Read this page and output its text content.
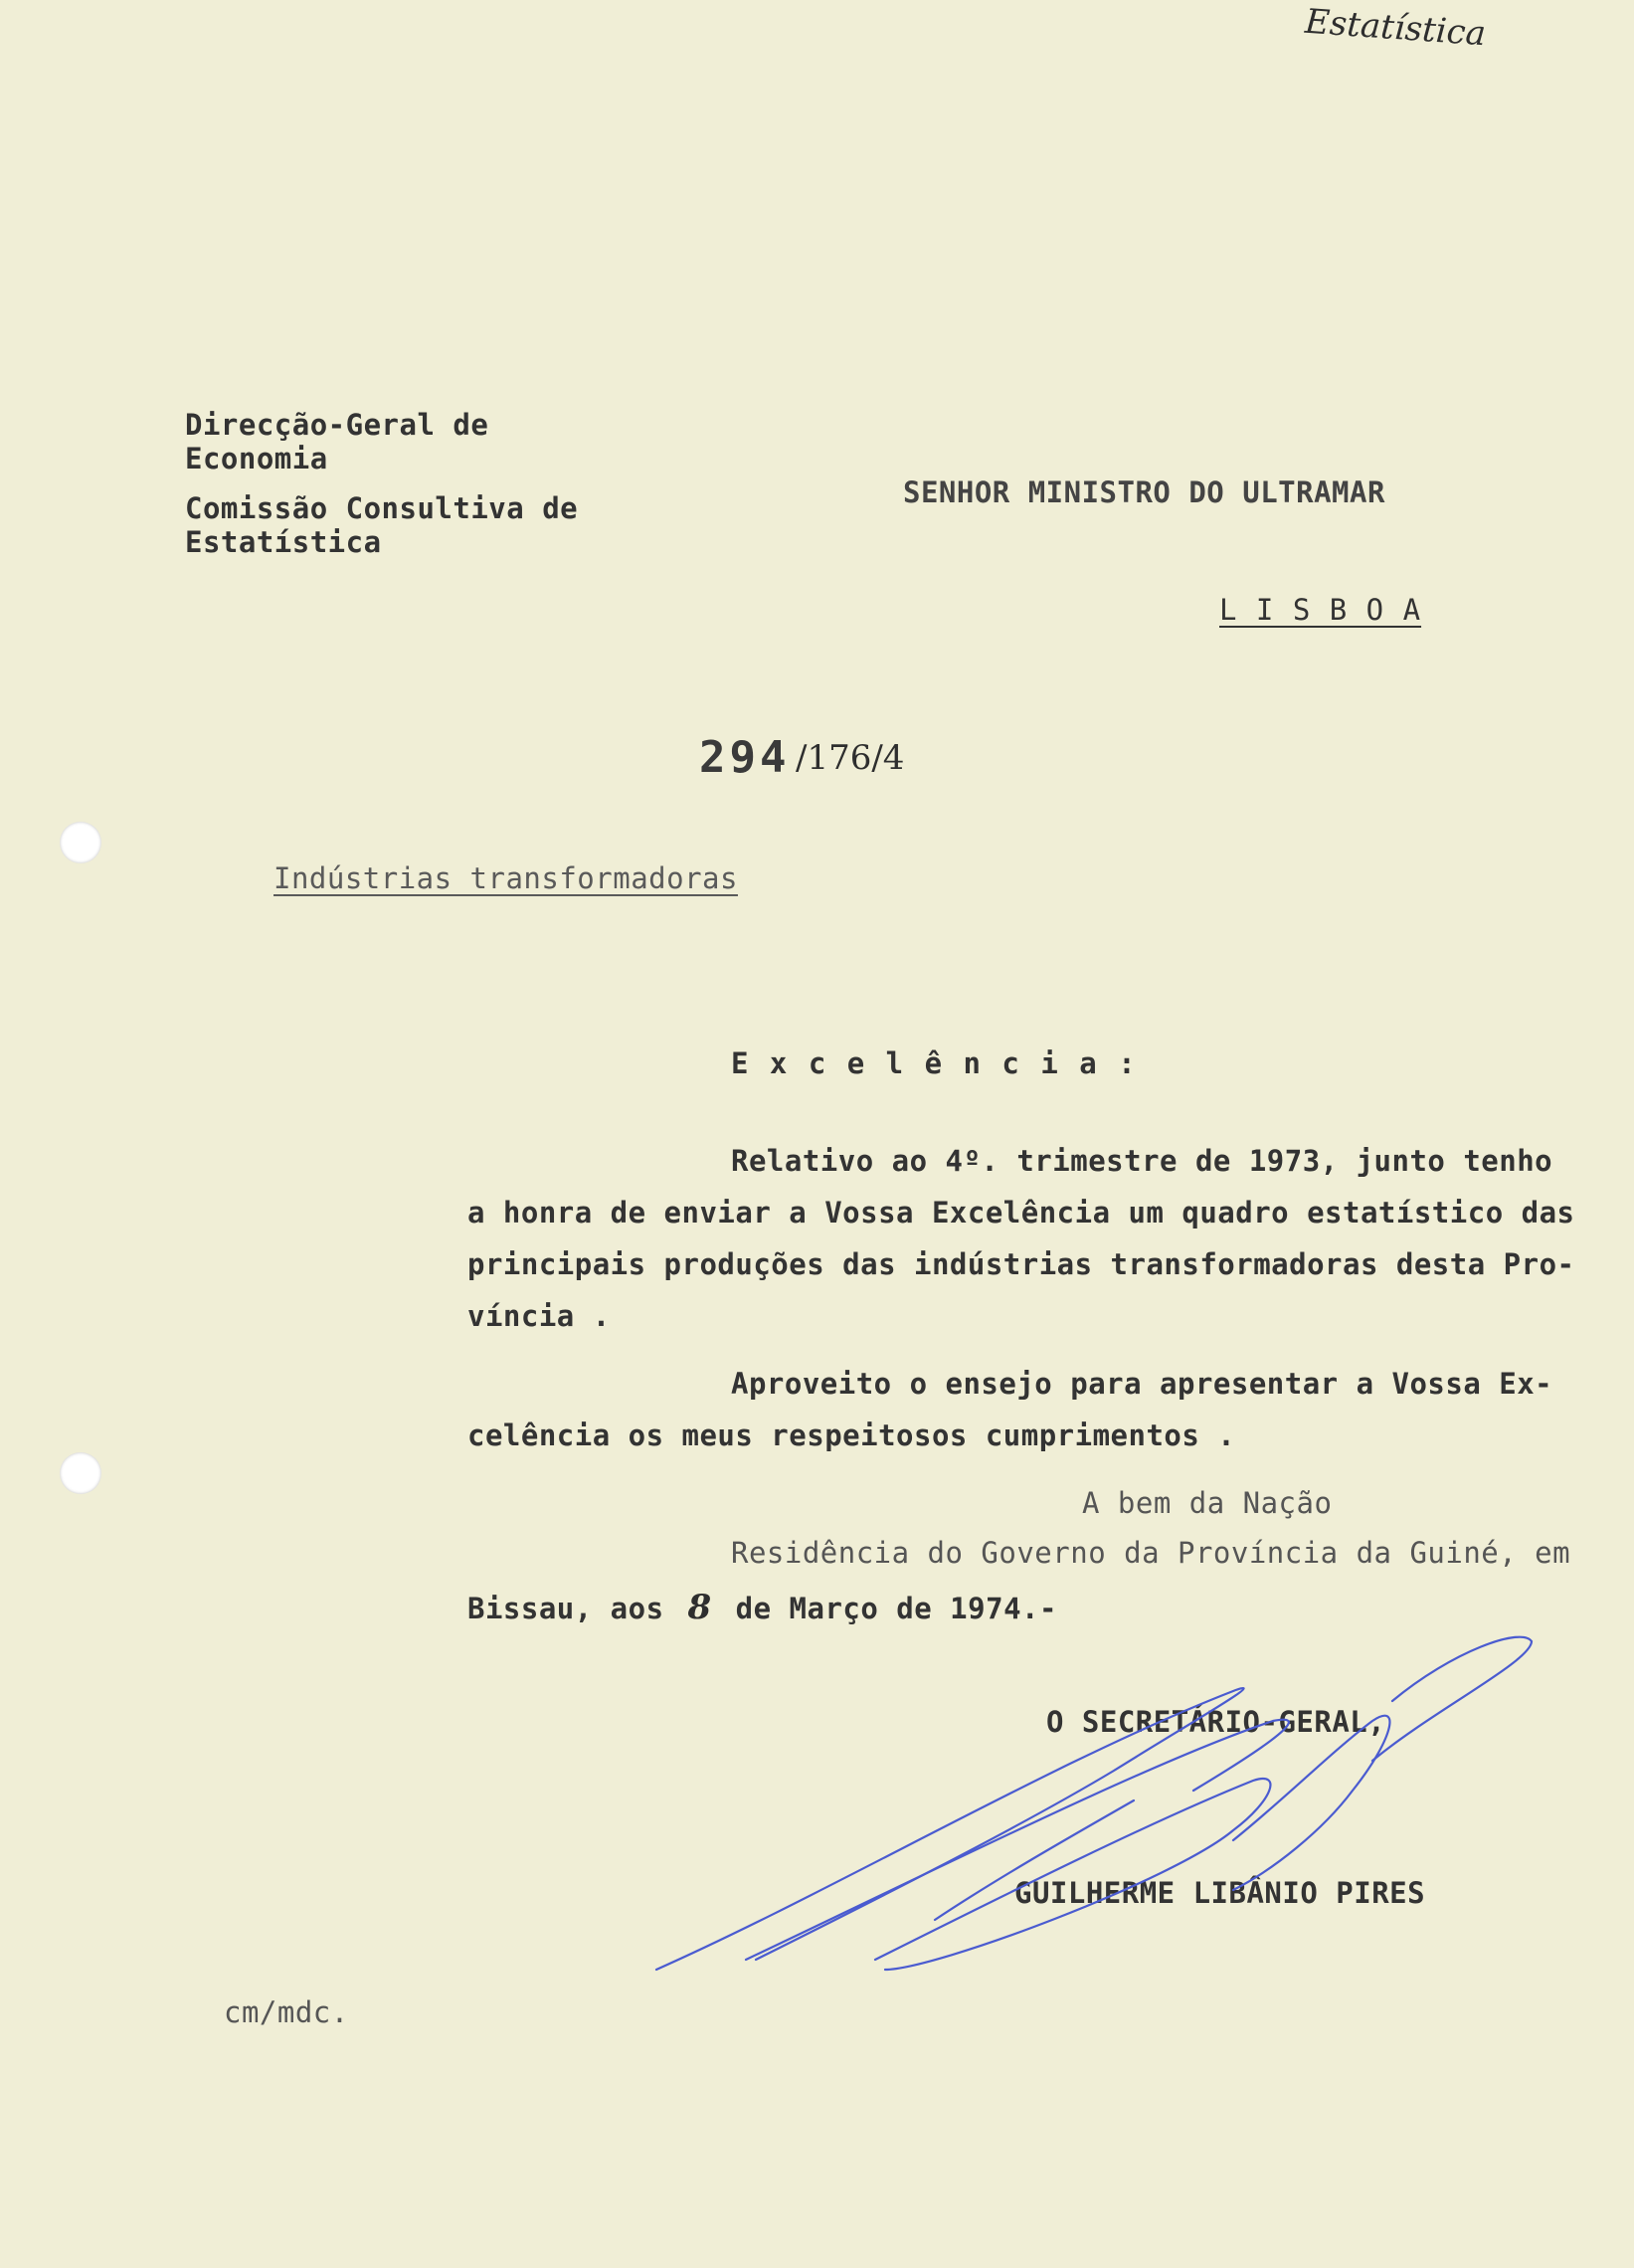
Estatística
Direcção-Geral de
Economia
Comissão Consultiva de
Estatística
SENHOR MINISTRO DO ULTRAMAR
L I S B O A
294 /176/4
Indústrias transformadoras
E x c e l ê n c i a :
Relativo ao 4º. trimestre de 1973, junto tenho
a honra de enviar a Vossa Excelência um quadro estatístico das
principais produções das indústrias transformadoras desta Pro-
víncia .
Aproveito o ensejo para apresentar a Vossa Ex-
celência os meus respeitosos cumprimentos .
A bem da Nação
Residência do Governo da Província da Guiné, em
Bissau, aos 8 de Março de 1974.-
O SECRETÁRIO-GERAL,
GUILHERME LIBÂNIO PIRES
cm/mdc.
